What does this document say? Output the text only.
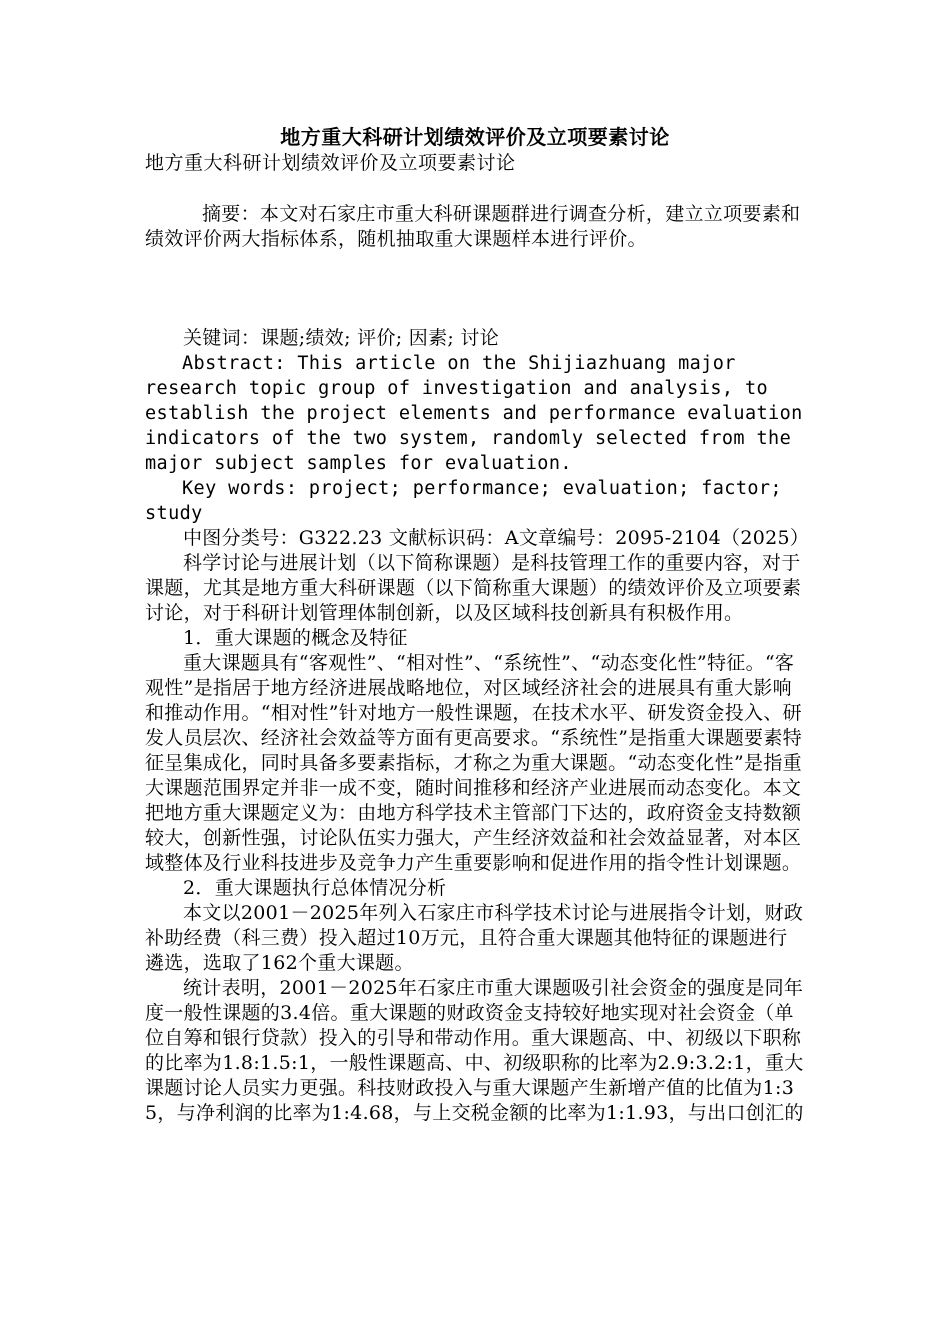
地方重大科研计划绩效评价及立项要素讨论

地方重大科研计划绩效评价及立项要素讨论

摘要：本文对石家庄市重大科研课题群进行调查分析，建立立项要素和绩效评价两大指标体系，随机抽取重大课题样本进行评价。

关键词：课题;绩效; 评价; 因素; 讨论

Abstract: This article on the Shijiazhuang major research topic group of investigation and analysis, to establish the project elements and performance evaluation indicators of the two system, randomly selected from the major subject samples for evaluation.

Key words: project; performance; evaluation; factor; study

中图分类号：G322.23 文献标识码：A文章编号：2095-2104（2025）

科学讨论与进展计划（以下简称课题）是科技管理工作的重要内容，对于课题，尤其是地方重大科研课题（以下简称重大课题）的绩效评价及立项要素讨论，对于科研计划管理体制创新，以及区域科技创新具有积极作用。

1．重大课题的概念及特征

重大课题具有“客观性”、“相对性”、“系统性”、“动态变化性”特征。“客观性”是指居于地方经济进展战略地位，对区域经济社会的进展具有重大影响和推动作用。“相对性”针对地方一般性课题，在技术水平、研发资金投入、研发人员层次、经济社会效益等方面有更高要求。“系统性”是指重大课题要素特征呈集成化，同时具备多要素指标，才称之为重大课题。“动态变化性”是指重大课题范围界定并非一成不变，随时间推移和经济产业进展而动态变化。本文把地方重大课题定义为：由地方科学技术主管部门下达的，政府资金支持数额较大，创新性强，讨论队伍实力强大，产生经济效益和社会效益显著，对本区域整体及行业科技进步及竞争力产生重要影响和促进作用的指令性计划课题。

2．重大课题执行总体情况分析

本文以2001－2025年列入石家庄市科学技术讨论与进展指令计划，财政补助经费（科三费）投入超过10万元，且符合重大课题其他特征的课题进行遴选，选取了162个重大课题。

统计表明，2001－2025年石家庄市重大课题吸引社会资金的强度是同年度一般性课题的3.4倍。重大课题的财政资金支持较好地实现对社会资金（单位自筹和银行贷款）投入的引导和带动作用。重大课题高、中、初级以下职称的比率为1.8:1.5:1，一般性课题高、中、初级职称的比率为2.9:3.2:1，重大课题讨论人员实力更强。科技财政投入与重大课题产生新增产值的比值为1:35，与净利润的比率为1:4.68，与上交税金额的比率为1:1.93，与出口创汇的
